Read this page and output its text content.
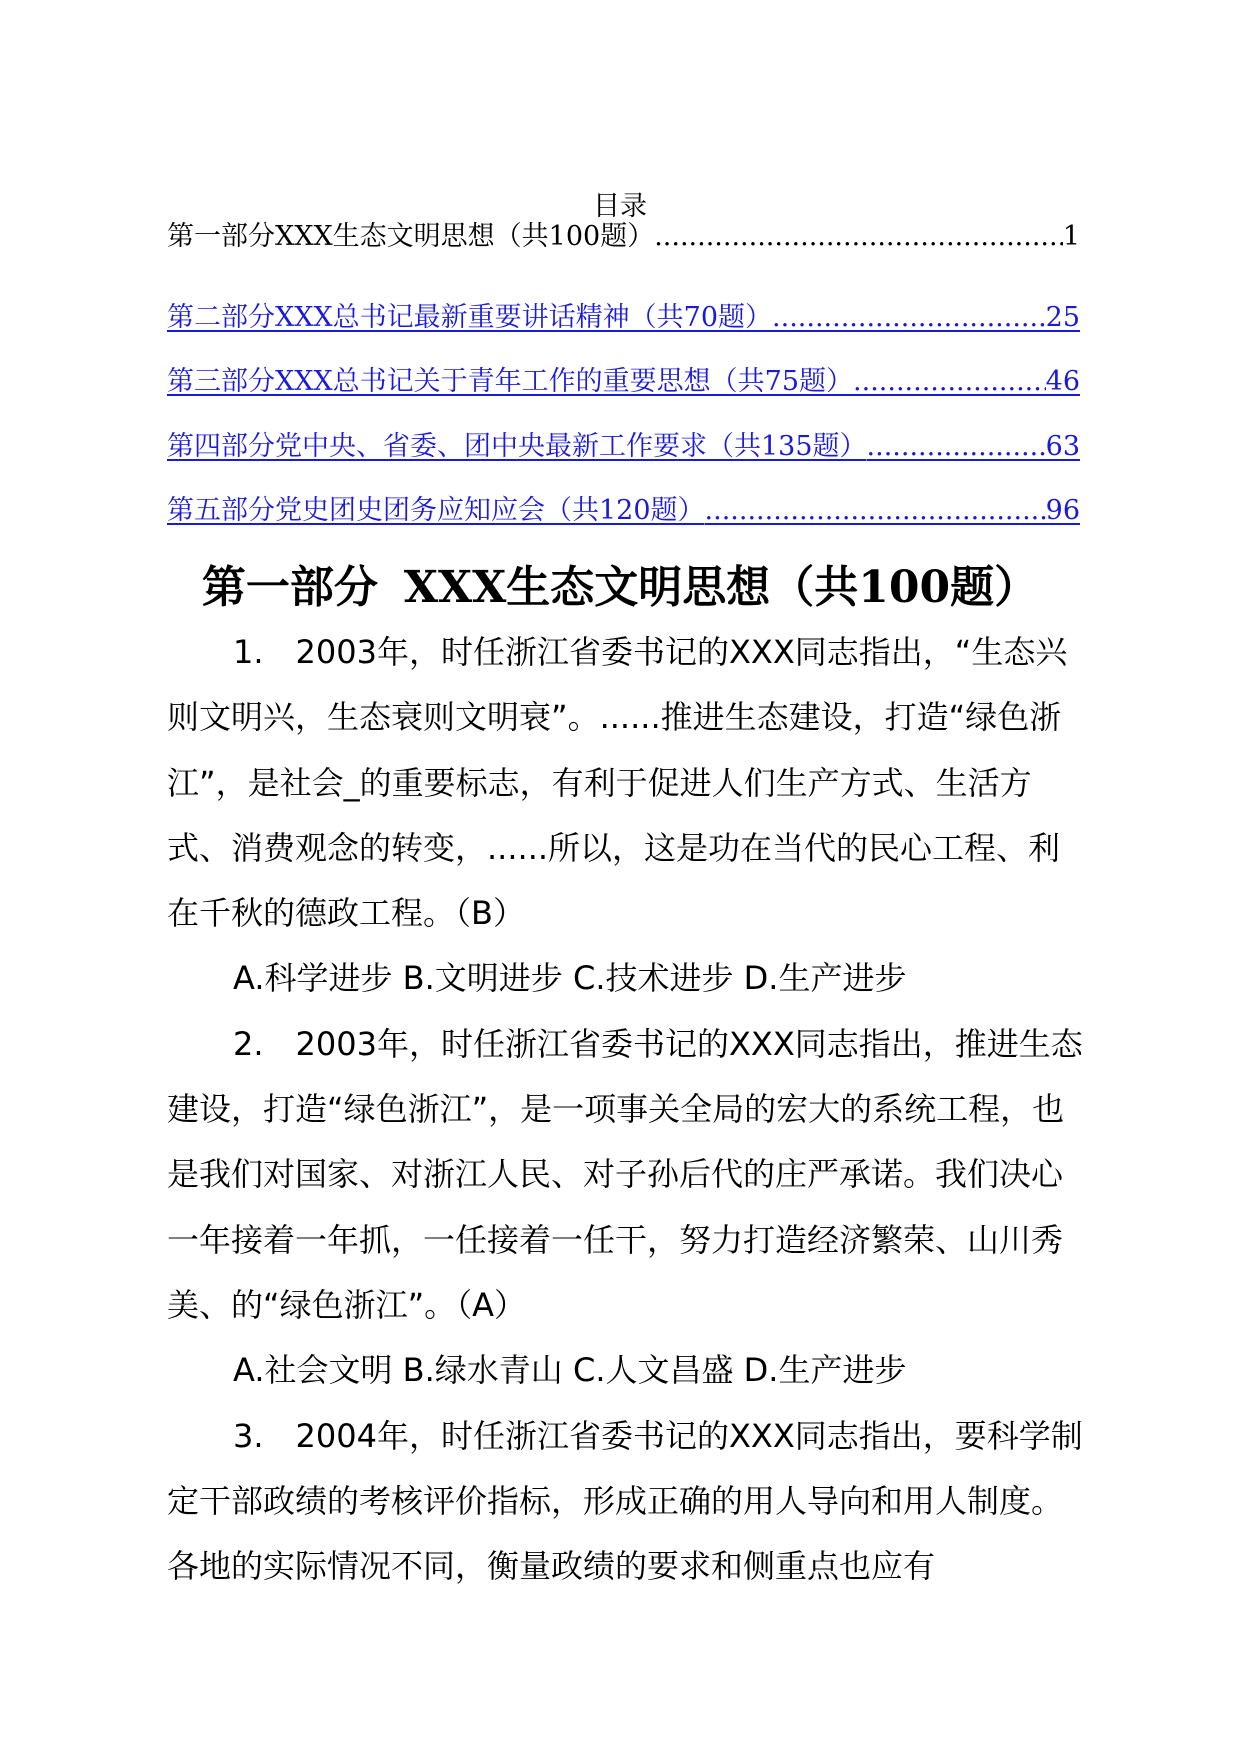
目录
第一部分XXX生态文明思想（共100题） .....	1
第二部分XXX总书记最新重要讲话精神（共70题） .....	25
第三部分XXX总书记关于青年工作的重要思想（共75题） .....	46
第四部分党中央、省委、团中央最新工作要求（共135题） .....	63
第五部分党史团史团务应知应会（共120题） .....	96
第一部分 XXX生态文明思想（共100题）

1.　2003年，时任浙江省委书记的XXX同志指出，“生态兴则文明兴，生态衰则文明衰”。......推进生态建设，打造“绿色浙江”，是社会_的重要标志，有利于促进人们生产方式、生活方式、消费观念的转变，......所以，这是功在当代的民心工程、利在千秋的德政工程。（B）

A.科学进步 B.文明进步 C.技术进步 D.生产进步

2.　2003年，时任浙江省委书记的XXX同志指出，推进生态建设，打造“绿色浙江”，是一项事关全局的宏大的系统工程，也是我们对国家、对浙江人民、对子孙后代的庄严承诺。我们决心一年接着一年抓，一任接着一任干，努力打造经济繁荣、山川秀美、的“绿色浙江”。（A）

A.社会文明 B.绿水青山 C.人文昌盛 D.生产进步

3.　2004年，时任浙江省委书记的XXX同志指出，要科学制定干部政绩的考核评价指标，形成正确的用人导向和用人制度。各地的实际情况不同，衡量政绩的要求和侧重点也应有
